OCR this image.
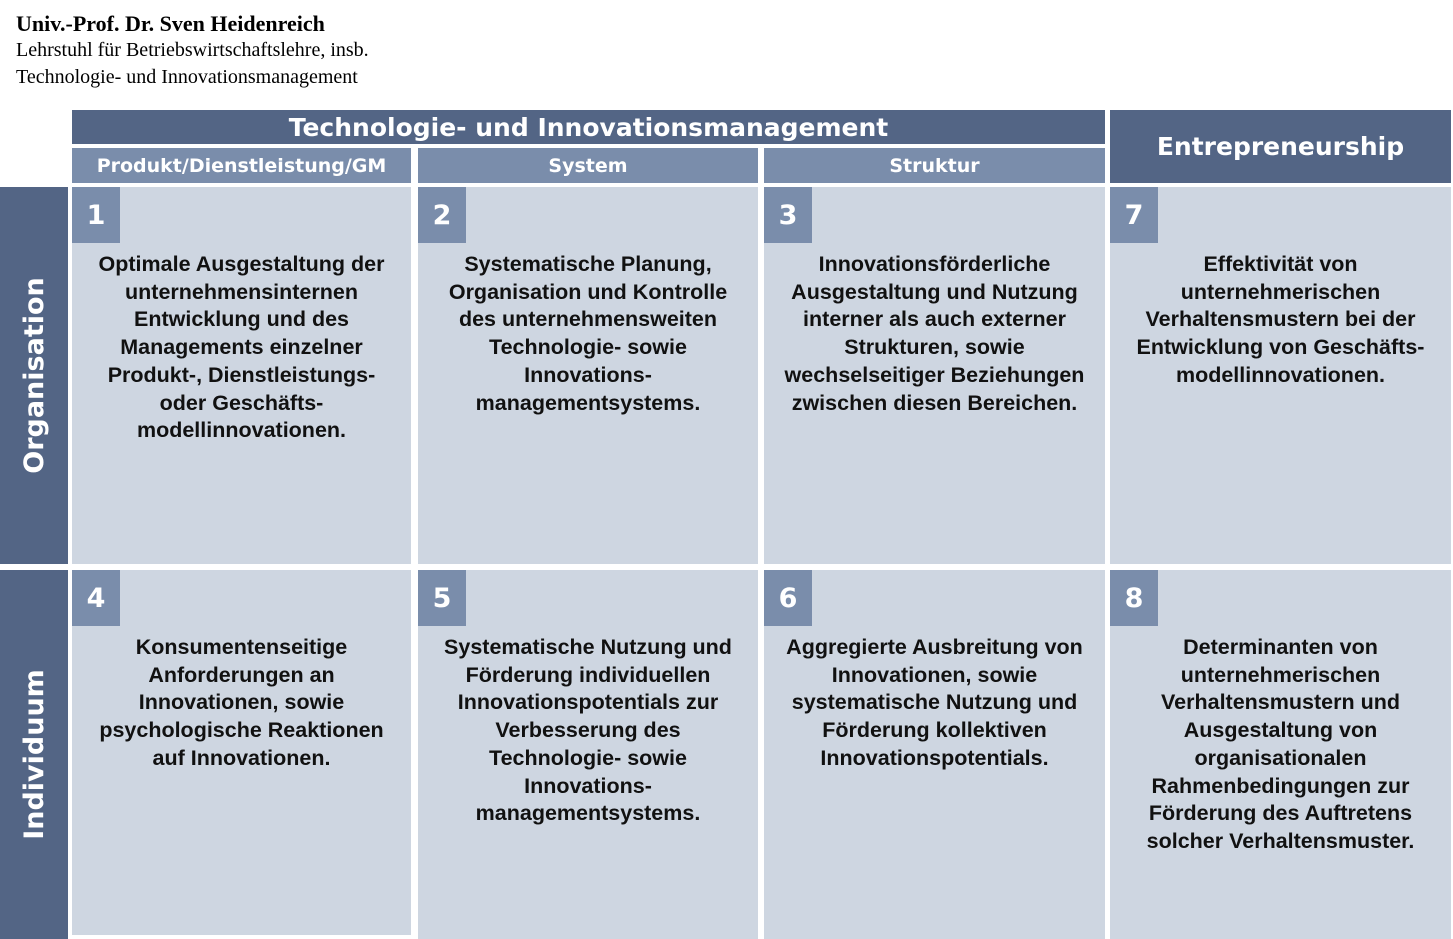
Univ.-Prof. Dr. Sven Heidenreich
Lehrstuhl für Betriebswirtschaftslehre, insb.
Technologie- und Innovationsmanagement
Technologie- und Innovationsmanagement
Entrepreneurship
Produkt/Dienstleistung/GM	System	Struktur
Organisation
Individuum
1
Optimale Ausgestaltung der unternehmensinternen Entwicklung und des Managements einzelner Produkt-, Dienstleistungs- oder Geschäfts- modellinnovationen.
2
Systematische Planung, Organisation und Kontrolle des unternehmensweiten Technologie- sowie Innovations- managementsystems.
3
Innovationsförderliche Ausgestaltung und Nutzung interner als auch externer Strukturen, sowie wechselseitiger Beziehungen zwischen diesen Bereichen.
7
Effektivität von unternehmerischen Verhaltensmustern bei der Entwicklung von Geschäfts- modellinnovationen.
4
Konsumentenseitige Anforderungen an Innovationen, sowie psychologische Reaktionen auf Innovationen.
5
Systematische Nutzung und Förderung individuellen Innovationspotentials zur Verbesserung des Technologie- sowie Innovations- managementsystems.
6
Aggregierte Ausbreitung von Innovationen, sowie systematische Nutzung und Förderung kollektiven Innovationspotentials.
8
Determinanten von unternehmerischen Verhaltensmustern und Ausgestaltung von organisationalen Rahmenbedingungen zur Förderung des Auftretens solcher Verhaltensmuster.
